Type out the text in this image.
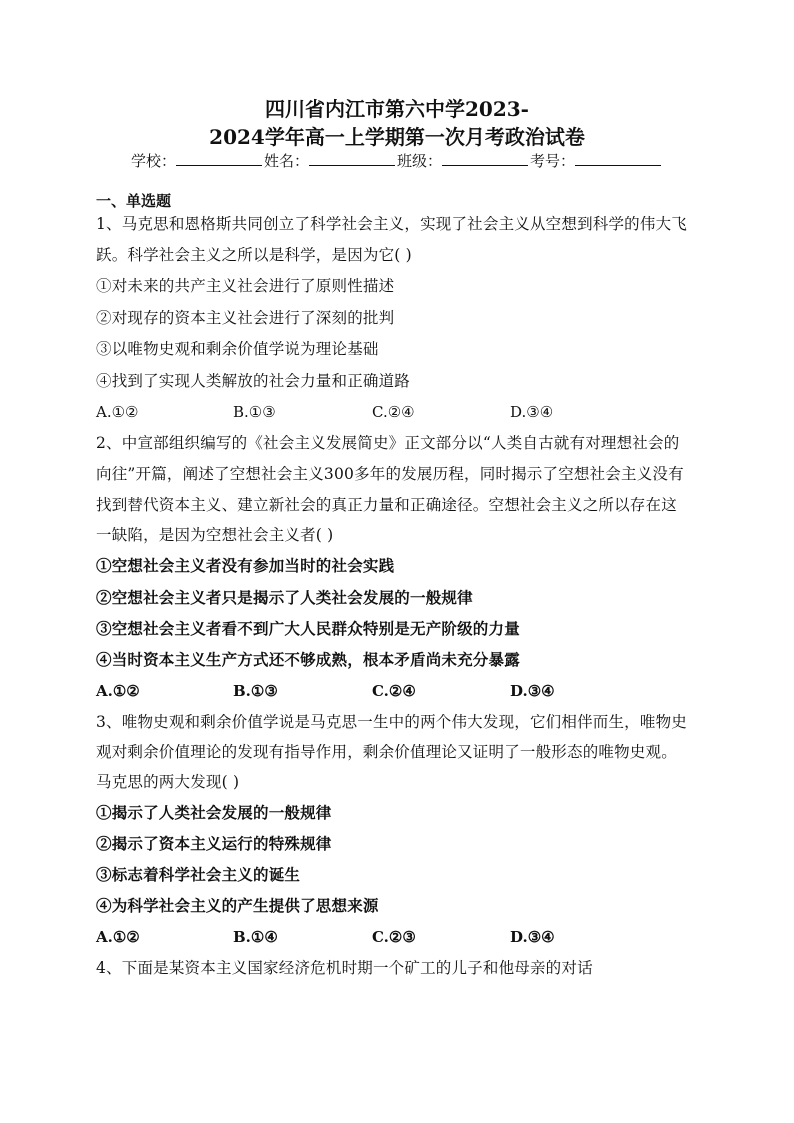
四川省内江市第六中学2023-
2024学年高一上学期第一次月考政治试卷
学校：	姓名：	班级：	考号：
一、单选题
1、马克思和恩格斯共同创立了科学社会主义，实现了社会主义从空想到科学的伟大飞
跃。科学社会主义之所以是科学，是因为它( )
①对未来的共产主义社会进行了原则性描述
②对现存的资本主义社会进行了深刻的批判
③以唯物史观和剩余价值学说为理论基础
④找到了实现人类解放的社会力量和正确道路
A.①②	B.①③	C.②④	D.③④
2、中宣部组织编写的《社会主义发展简史》正文部分以“人类自古就有对理想社会的
向往”开篇，阐述了空想社会主义300多年的发展历程，同时揭示了空想社会主义没有
找到替代资本主义、建立新社会的真正力量和正确途径。空想社会主义之所以存在这
一缺陷，是因为空想社会主义者( )
①空想社会主义者没有参加当时的社会实践
②空想社会主义者只是揭示了人类社会发展的一般规律
③空想社会主义者看不到广大人民群众特别是无产阶级的力量
④当时资本主义生产方式还不够成熟，根本矛盾尚未充分暴露
A.①②	B.①③	C.②④	D.③④
3、唯物史观和剩余价值学说是马克思一生中的两个伟大发现，它们相伴而生，唯物史
观对剩余价值理论的发现有指导作用，剩余价值理论又证明了一般形态的唯物史观。
马克思的两大发现( )
①揭示了人类社会发展的一般规律
②揭示了资本主义运行的特殊规律
③标志着科学社会主义的诞生
④为科学社会主义的产生提供了思想来源
A.①②	B.①④	C.②③	D.③④
4、下面是某资本主义国家经济危机时期一个矿工的儿子和他母亲的对话
